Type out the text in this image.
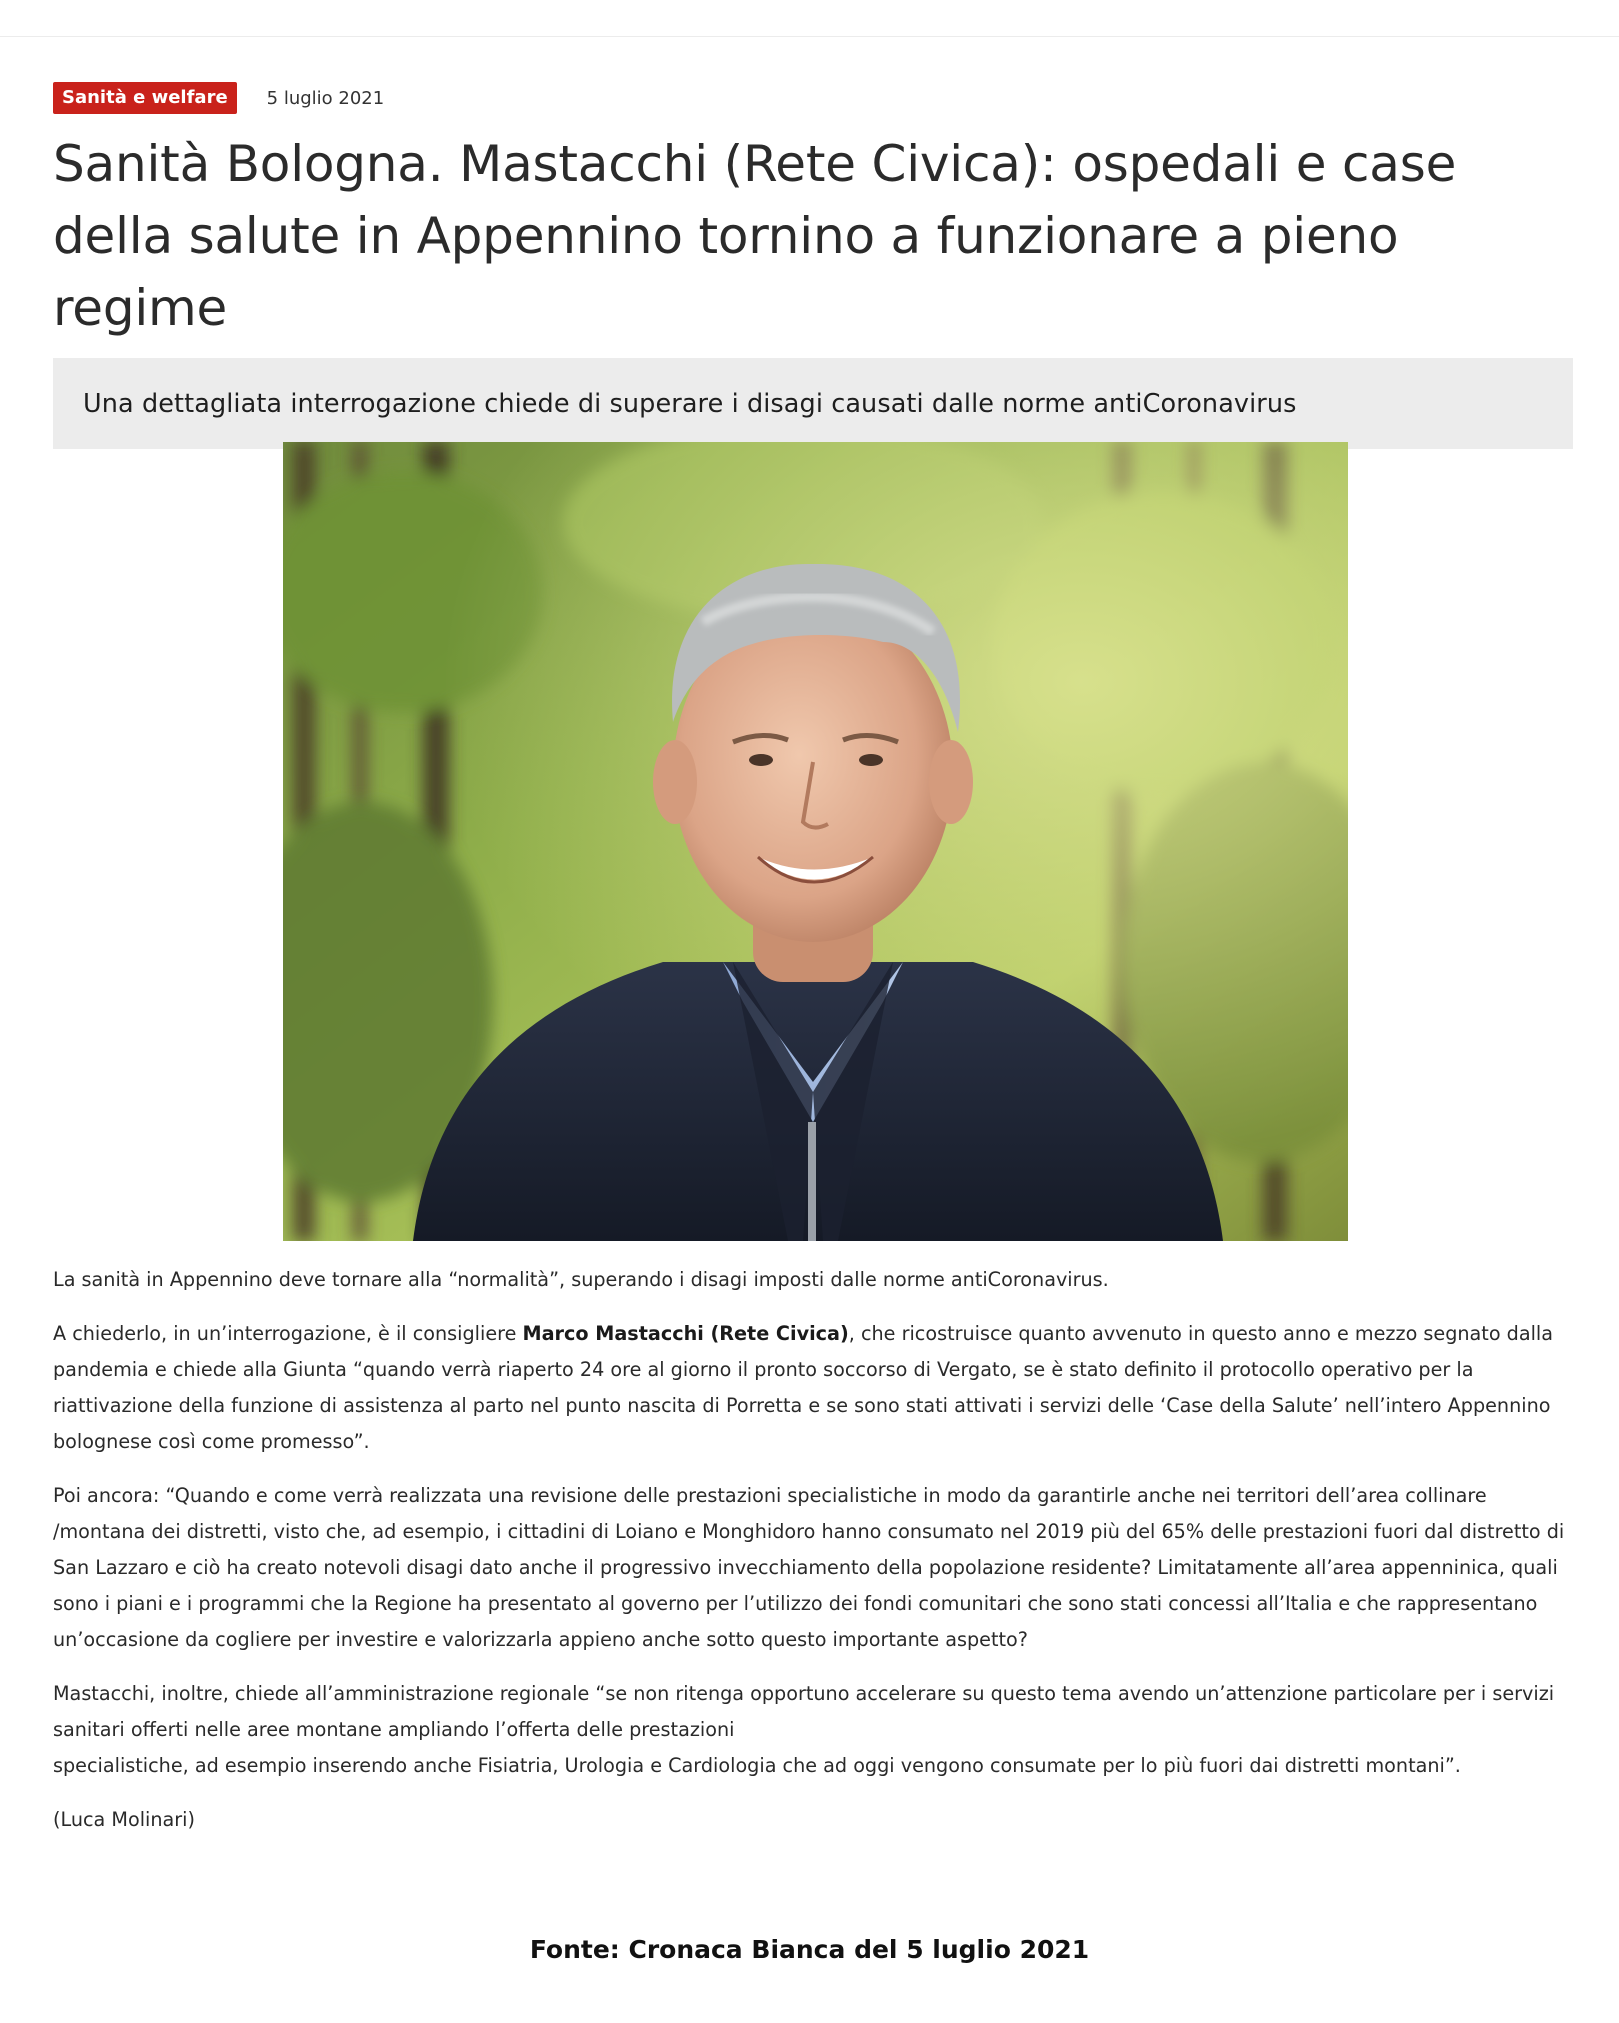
Sanità e welfare	5 luglio 2021
Sanità Bologna. Mastacchi (Rete Civica): ospedali e case della salute in Appennino tornino a funzionare a pieno regime
Una dettagliata interrogazione chiede di superare i disagi causati dalle norme antiCoronavirus

La sanità in Appennino deve tornare alla “normalità”, superando i disagi imposti dalle norme antiCoronavirus.

A chiederlo, in un’interrogazione, è il consigliere Marco Mastacchi (Rete Civica), che ricostruisce quanto avvenuto in questo anno e mezzo segnato dalla pandemia e chiede alla Giunta “quando verrà riaperto 24 ore al giorno il pronto soccorso di Vergato, se è stato definito il protocollo operativo per la riattivazione della funzione di assistenza al parto nel punto nascita di Porretta e se sono stati attivati i servizi delle ‘Case della Salute’ nell’intero Appennino bolognese così come promesso”.

Poi ancora: “Quando e come verrà realizzata una revisione delle prestazioni specialistiche in modo da garantirle anche nei territori dell’area collinare /montana dei distretti, visto che, ad esempio, i cittadini di Loiano e Monghidoro hanno consumato nel 2019 più del 65% delle prestazioni fuori dal distretto di San Lazzaro e ciò ha creato notevoli disagi dato anche il progressivo invecchiamento della popolazione residente? Limitatamente all’area appenninica, quali sono i piani e i programmi che la Regione ha presentato al governo per l’utilizzo dei fondi comunitari che sono stati concessi all’Italia e che rappresentano un’occasione da cogliere per investire e valorizzarla appieno anche sotto questo importante aspetto?

Mastacchi, inoltre, chiede all’amministrazione regionale “se non ritenga opportuno accelerare su questo tema avendo un’attenzione particolare per i servizi sanitari offerti nelle aree montane ampliando l’offerta delle prestazioni
specialistiche, ad esempio inserendo anche Fisiatria, Urologia e Cardiologia che ad oggi vengono consumate per lo più fuori dai distretti montani”.

(Luca Molinari)

Fonte: Cronaca Bianca del 5 luglio 2021
